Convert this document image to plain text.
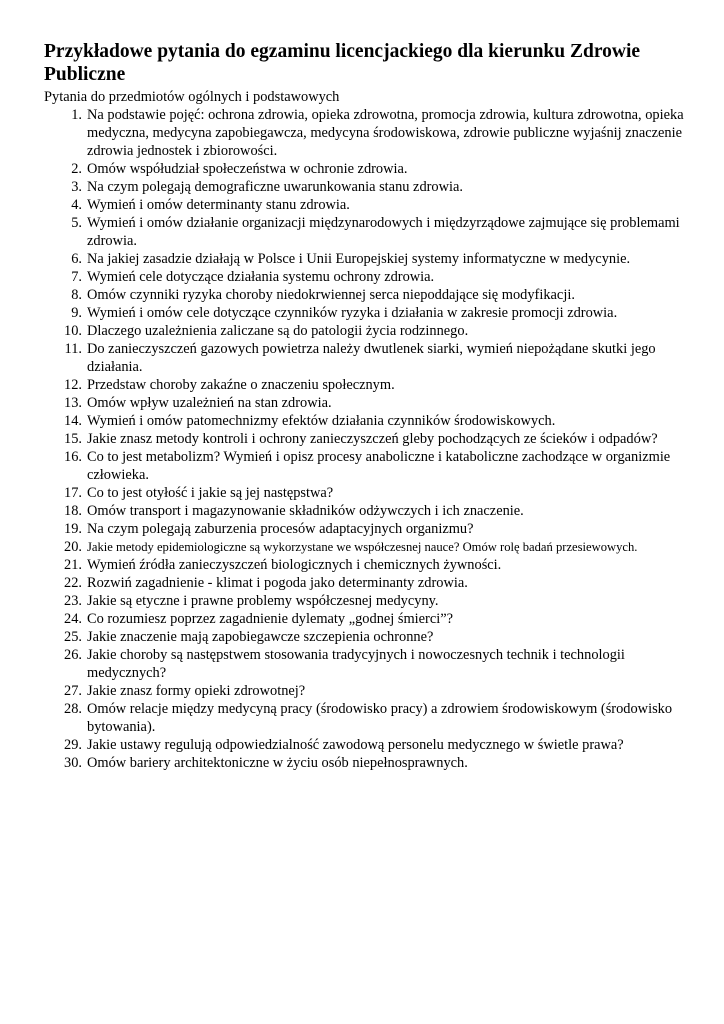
Przykładowe pytania do egzaminu licencjackiego dla kierunku Zdrowie Publiczne
Pytania do przedmiotów ogólnych i podstawowych
1. Na podstawie pojęć: ochrona zdrowia, opieka zdrowotna, promocja zdrowia, kultura zdrowotna, opieka medyczna, medycyna zapobiegawcza, medycyna środowiskowa, zdrowie publiczne wyjaśnij znaczenie zdrowia jednostek i zbiorowości.
2. Omów współudział społeczeństwa w ochronie zdrowia.
3. Na czym polegają demograficzne uwarunkowania stanu zdrowia.
4. Wymień i omów determinanty stanu zdrowia.
5. Wymień i omów działanie organizacji międzynarodowych i międzyrządowe zajmujące się problemami zdrowia.
6. Na jakiej zasadzie działają w Polsce i Unii Europejskiej systemy informatyczne w medycynie.
7. Wymień cele dotyczące działania systemu ochrony zdrowia.
8. Omów czynniki ryzyka choroby niedokrwiennej serca niepoddające się modyfikacji.
9. Wymień i omów cele dotyczące czynników ryzyka i działania w zakresie promocji zdrowia.
10. Dlaczego uzależnienia zaliczane są do patologii życia rodzinnego.
11. Do zanieczyszczeń gazowych powietrza należy dwutlenek siarki, wymień niepożądane skutki jego działania.
12. Przedstaw choroby zakaźne o znaczeniu społecznym.
13. Omów wpływ uzależnień na stan zdrowia.
14. Wymień i omów patomechnizmy efektów działania czynników środowiskowych.
15. Jakie znasz metody kontroli i ochrony zanieczyszczeń gleby pochodzących ze ścieków i odpadów?
16. Co to jest metabolizm? Wymień i opisz procesy anaboliczne i kataboliczne zachodzące w organizmie człowieka.
17. Co to jest otyłość i jakie są jej następstwa?
18. Omów transport i magazynowanie składników odżywczych i ich znaczenie.
19. Na czym polegają zaburzenia procesów adaptacyjnych organizmu?
20. Jakie metody epidemiologiczne są wykorzystane we współczesnej nauce? Omów rolę badań przesiewowych.
21. Wymień źródła zanieczyszczeń biologicznych i chemicznych żywności.
22. Rozwiń zagadnienie - klimat i pogoda jako determinanty zdrowia.
23. Jakie są etyczne i prawne problemy współczesnej medycyny.
24. Co rozumiesz poprzez zagadnienie dylematy „godnej śmierci”?
25. Jakie znaczenie mają zapobiegawcze szczepienia ochronne?
26. Jakie choroby są następstwem stosowania tradycyjnych i nowoczesnych technik i technologii medycznych?
27. Jakie znasz formy opieki zdrowotnej?
28. Omów relacje między medycyną pracy (środowisko pracy) a zdrowiem środowiskowym (środowisko bytowania).
29. Jakie ustawy regulują odpowiedzialność zawodową personelu medycznego w świetle prawa?
30. Omów bariery architektoniczne w życiu osób niepełnosprawnych.
